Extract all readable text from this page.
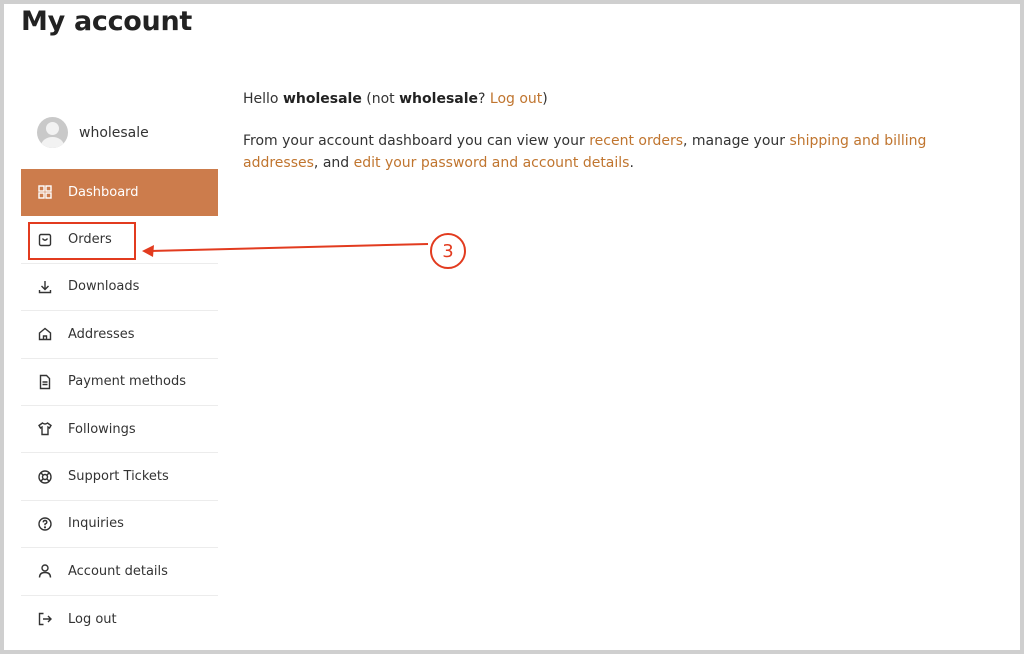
My account
wholesale
Dashboard
Orders
Downloads
Addresses
Payment methods
Followings
Support Tickets
Inquiries
Account details
Log out

Hello wholesale (not wholesale? Log out)

From your account dashboard you can view your recent orders, manage your shipping and billing addresses, and edit your password and account details.

3
